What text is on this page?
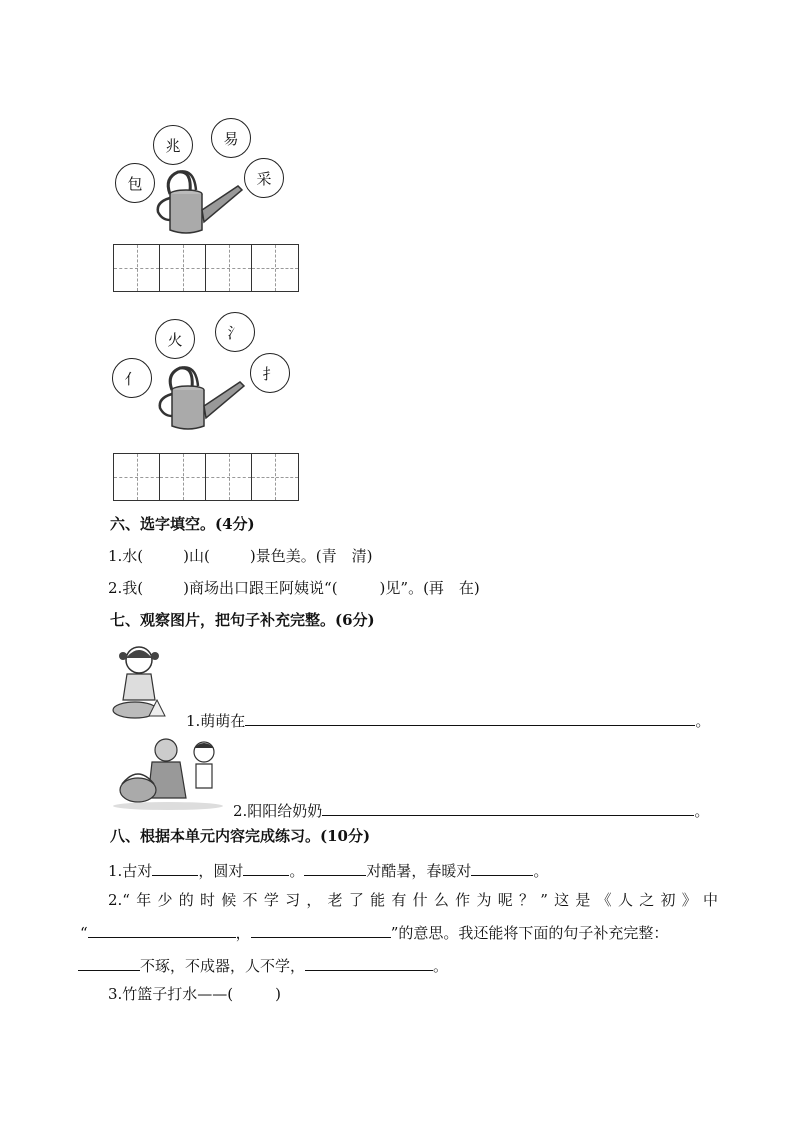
包
兆	易
采
亻
火	氵
扌
六、选字填空。(4分)
1.水(	)山(	)景色美。(青　清)
2.我(	)商场出口跟王阿姨说“(	)见”。(再　在)
七、观察图片，把句子补充完整。(6分)
1.萌萌在	。
2.阳阳给奶奶	。
八、根据本单元内容完成练习。(10分)
1.古对	，圆对	。	对酷暑，春暖对	。
2.“年少的时候不学习，老了能有什么作为呢？”这是《人之初》中
“	，	”的意思。我还能将下面的句子补充完整：
不琢，不成器，人不学，	。
3.竹篮子打水——(	)
